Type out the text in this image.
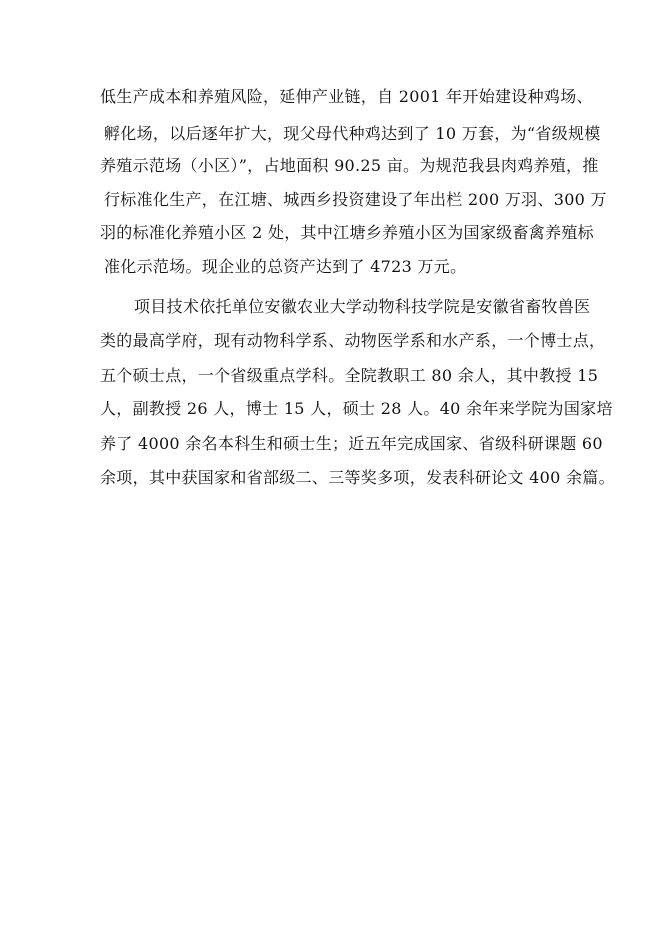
低生产成本和养殖风险，延伸产业链，自 2001 年开始建设种鸡场、
孵化场，以后逐年扩大，现父母代种鸡达到了 10 万套，为“省级规模
养殖示范场（小区）”，占地面积 90.25 亩。为规范我县肉鸡养殖，推
行标准化生产，在江塘、城西乡投资建设了年出栏 200 万羽、300 万
羽的标准化养殖小区 2 处，其中江塘乡养殖小区为国家级畜禽养殖标
准化示范场。现企业的总资产达到了 4723 万元。
项目技术依托单位安徽农业大学动物科技学院是安徽省畜牧兽医
类的最高学府，现有动物科学系、动物医学系和水产系，一个博士点，
五个硕士点，一个省级重点学科。全院教职工 80 余人，其中教授 15
人，副教授 26 人，博士 15 人，硕士 28 人。40 余年来学院为国家培
养了 4000 余名本科生和硕士生；近五年完成国家、省级科研课题 60
余项，其中获国家和省部级二、三等奖多项，发表科研论文 400 余篇。
